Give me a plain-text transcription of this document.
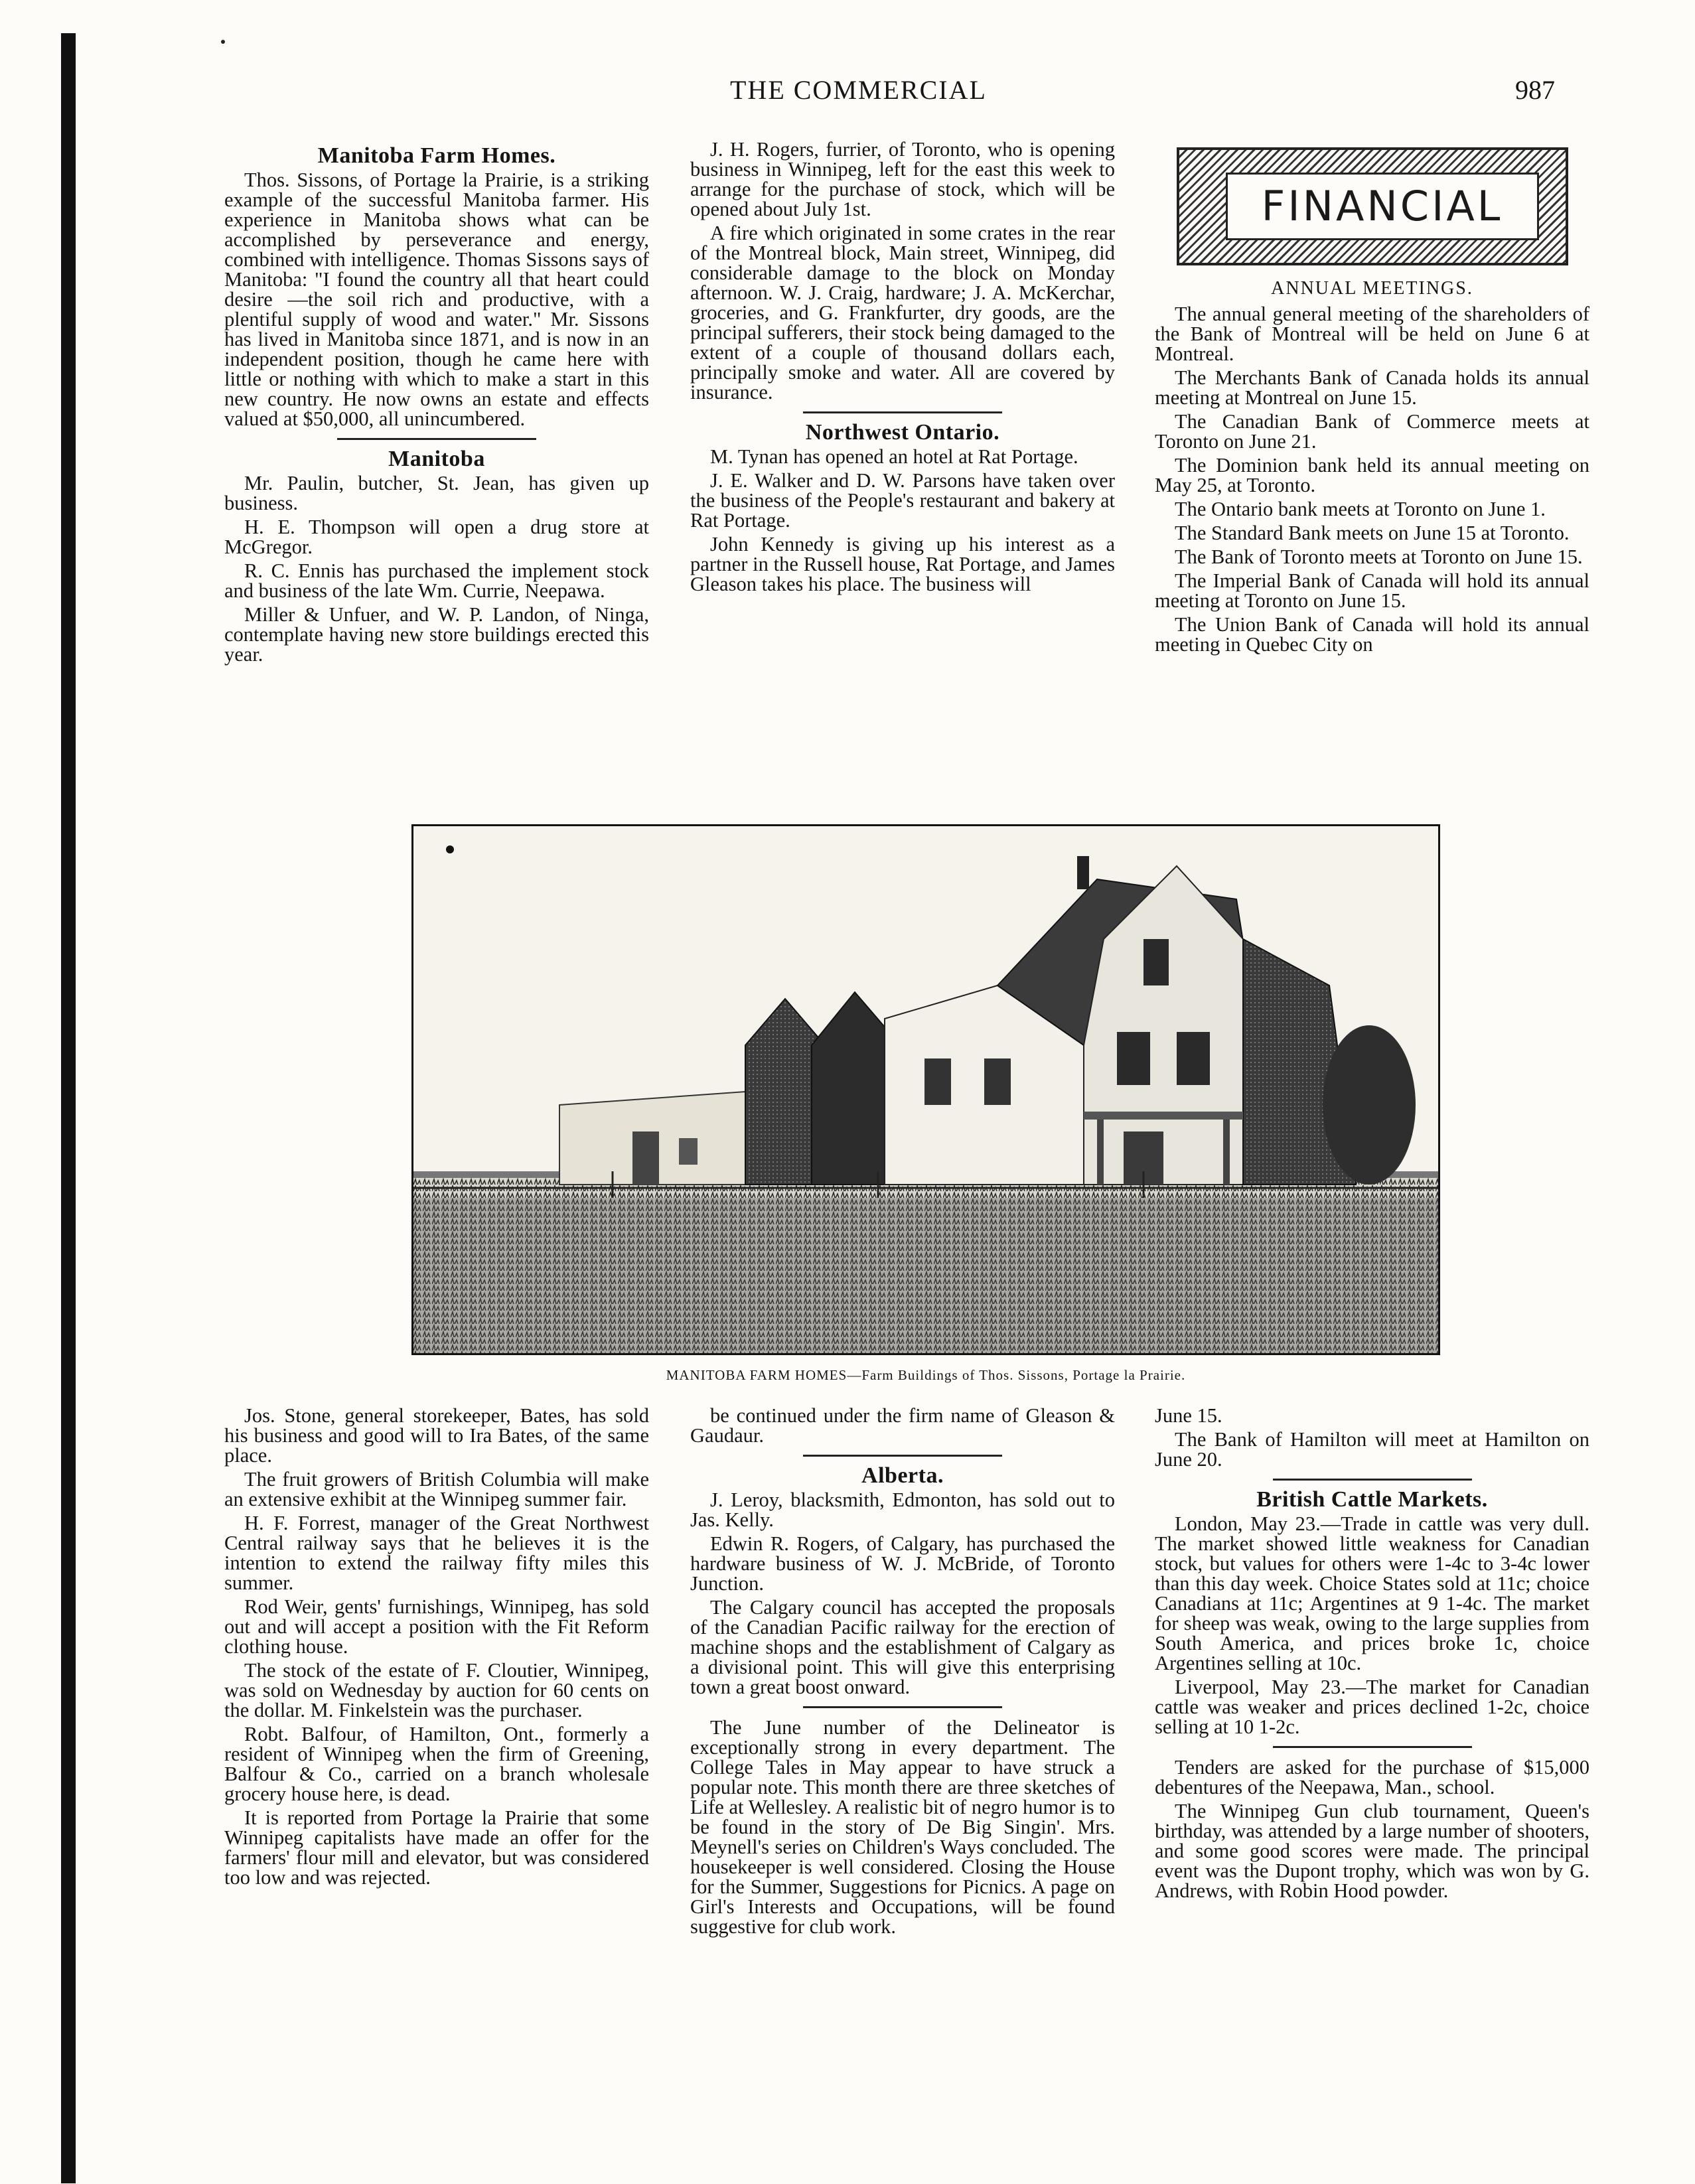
THE COMMERCIAL	987
Manitoba Farm Homes.

Thos. Sissons, of Portage la Prairie, is a striking example of the successful Manitoba farmer. His experience in Manitoba shows what can be accomplished by perseverance and energy, combined with intelligence. Thomas Sissons says of Manitoba: "I found the country all that heart could desire —the soil rich and productive, with a plentiful supply of wood and water." Mr. Sissons has lived in Manitoba since 1871, and is now in an independent position, though he came here with little or nothing with which to make a start in this new country. He now owns an estate and effects valued at $50,000, all unincumbered.

Manitoba

Mr. Paulin, butcher, St. Jean, has given up business.

H. E. Thompson will open a drug store at McGregor.

R. C. Ennis has purchased the implement stock and business of the late Wm. Currie, Neepawa.

Miller & Unfuer, and W. P. Landon, of Ninga, contemplate having new store buildings erected this year.

J. H. Rogers, furrier, of Toronto, who is opening business in Winnipeg, left for the east this week to arrange for the purchase of stock, which will be opened about July 1st.

A fire which originated in some crates in the rear of the Montreal block, Main street, Winnipeg, did considerable damage to the block on Monday afternoon. W. J. Craig, hardware; J. A. McKerchar, groceries, and G. Frankfurter, dry goods, are the principal sufferers, their stock being damaged to the extent of a couple of thousand dollars each, principally smoke and water. All are covered by insurance.

Northwest Ontario.

M. Tynan has opened an hotel at Rat Portage.

J. E. Walker and D. W. Parsons have taken over the business of the People's restaurant and bakery at Rat Portage.

John Kennedy is giving up his interest as a partner in the Russell house, Rat Portage, and James Gleason takes his place. The business will

FINANCIAL
ANNUAL MEETINGS.

The annual general meeting of the shareholders of the Bank of Montreal will be held on June 6 at Montreal.

The Merchants Bank of Canada holds its annual meeting at Montreal on June 15.

The Canadian Bank of Commerce meets at Toronto on June 21.

The Dominion bank held its annual meeting on May 25, at Toronto.

The Ontario bank meets at Toronto on June 1.

The Standard Bank meets on June 15 at Toronto.

The Bank of Toronto meets at Toronto on June 15.

The Imperial Bank of Canada will hold its annual meeting at Toronto on June 15.

The Union Bank of Canada will hold its annual meeting in Quebec City on

MANITOBA FARM HOMES—Farm Buildings of Thos. Sissons, Portage la Prairie.

Jos. Stone, general storekeeper, Bates, has sold his business and good will to Ira Bates, of the same place.

The fruit growers of British Columbia will make an extensive exhibit at the Winnipeg summer fair.

H. F. Forrest, manager of the Great Northwest Central railway says that he believes it is the intention to extend the railway fifty miles this summer.

Rod Weir, gents' furnishings, Winnipeg, has sold out and will accept a position with the Fit Reform clothing house.

The stock of the estate of F. Cloutier, Winnipeg, was sold on Wednesday by auction for 60 cents on the dollar. M. Finkelstein was the purchaser.

Robt. Balfour, of Hamilton, Ont., formerly a resident of Winnipeg when the firm of Greening, Balfour & Co., carried on a branch wholesale grocery house here, is dead.

It is reported from Portage la Prairie that some Winnipeg capitalists have made an offer for the farmers' flour mill and elevator, but was considered too low and was rejected.

be continued under the firm name of Gleason & Gaudaur.

Alberta.

J. Leroy, blacksmith, Edmonton, has sold out to Jas. Kelly.

Edwin R. Rogers, of Calgary, has purchased the hardware business of W. J. McBride, of Toronto Junction.

The Calgary council has accepted the proposals of the Canadian Pacific railway for the erection of machine shops and the establishment of Calgary as a divisional point. This will give this enterprising town a great boost onward.

The June number of the Delineator is exceptionally strong in every department. The College Tales in May appear to have struck a popular note. This month there are three sketches of Life at Wellesley. A realistic bit of negro humor is to be found in the story of De Big Singin'. Mrs. Meynell's series on Children's Ways concluded. The housekeeper is well considered. Closing the House for the Summer, Suggestions for Picnics. A page on Girl's Interests and Occupations, will be found suggestive for club work.

June 15.

The Bank of Hamilton will meet at Hamilton on June 20.

British Cattle Markets.

London, May 23.—Trade in cattle was very dull. The market showed little weakness for Canadian stock, but values for others were 1-4c to 3-4c lower than this day week. Choice States sold at 11c; choice Canadians at 11c; Argentines at 9 1-4c. The market for sheep was weak, owing to the large supplies from South America, and prices broke 1c, choice Argentines selling at 10c.

Liverpool, May 23.—The market for Canadian cattle was weaker and prices declined 1-2c, choice selling at 10 1-2c.

Tenders are asked for the purchase of $15,000 debentures of the Neepawa, Man., school.

The Winnipeg Gun club tournament, Queen's birthday, was attended by a large number of shooters, and some good scores were made. The principal event was the Dupont trophy, which was won by G. Andrews, with Robin Hood powder.
